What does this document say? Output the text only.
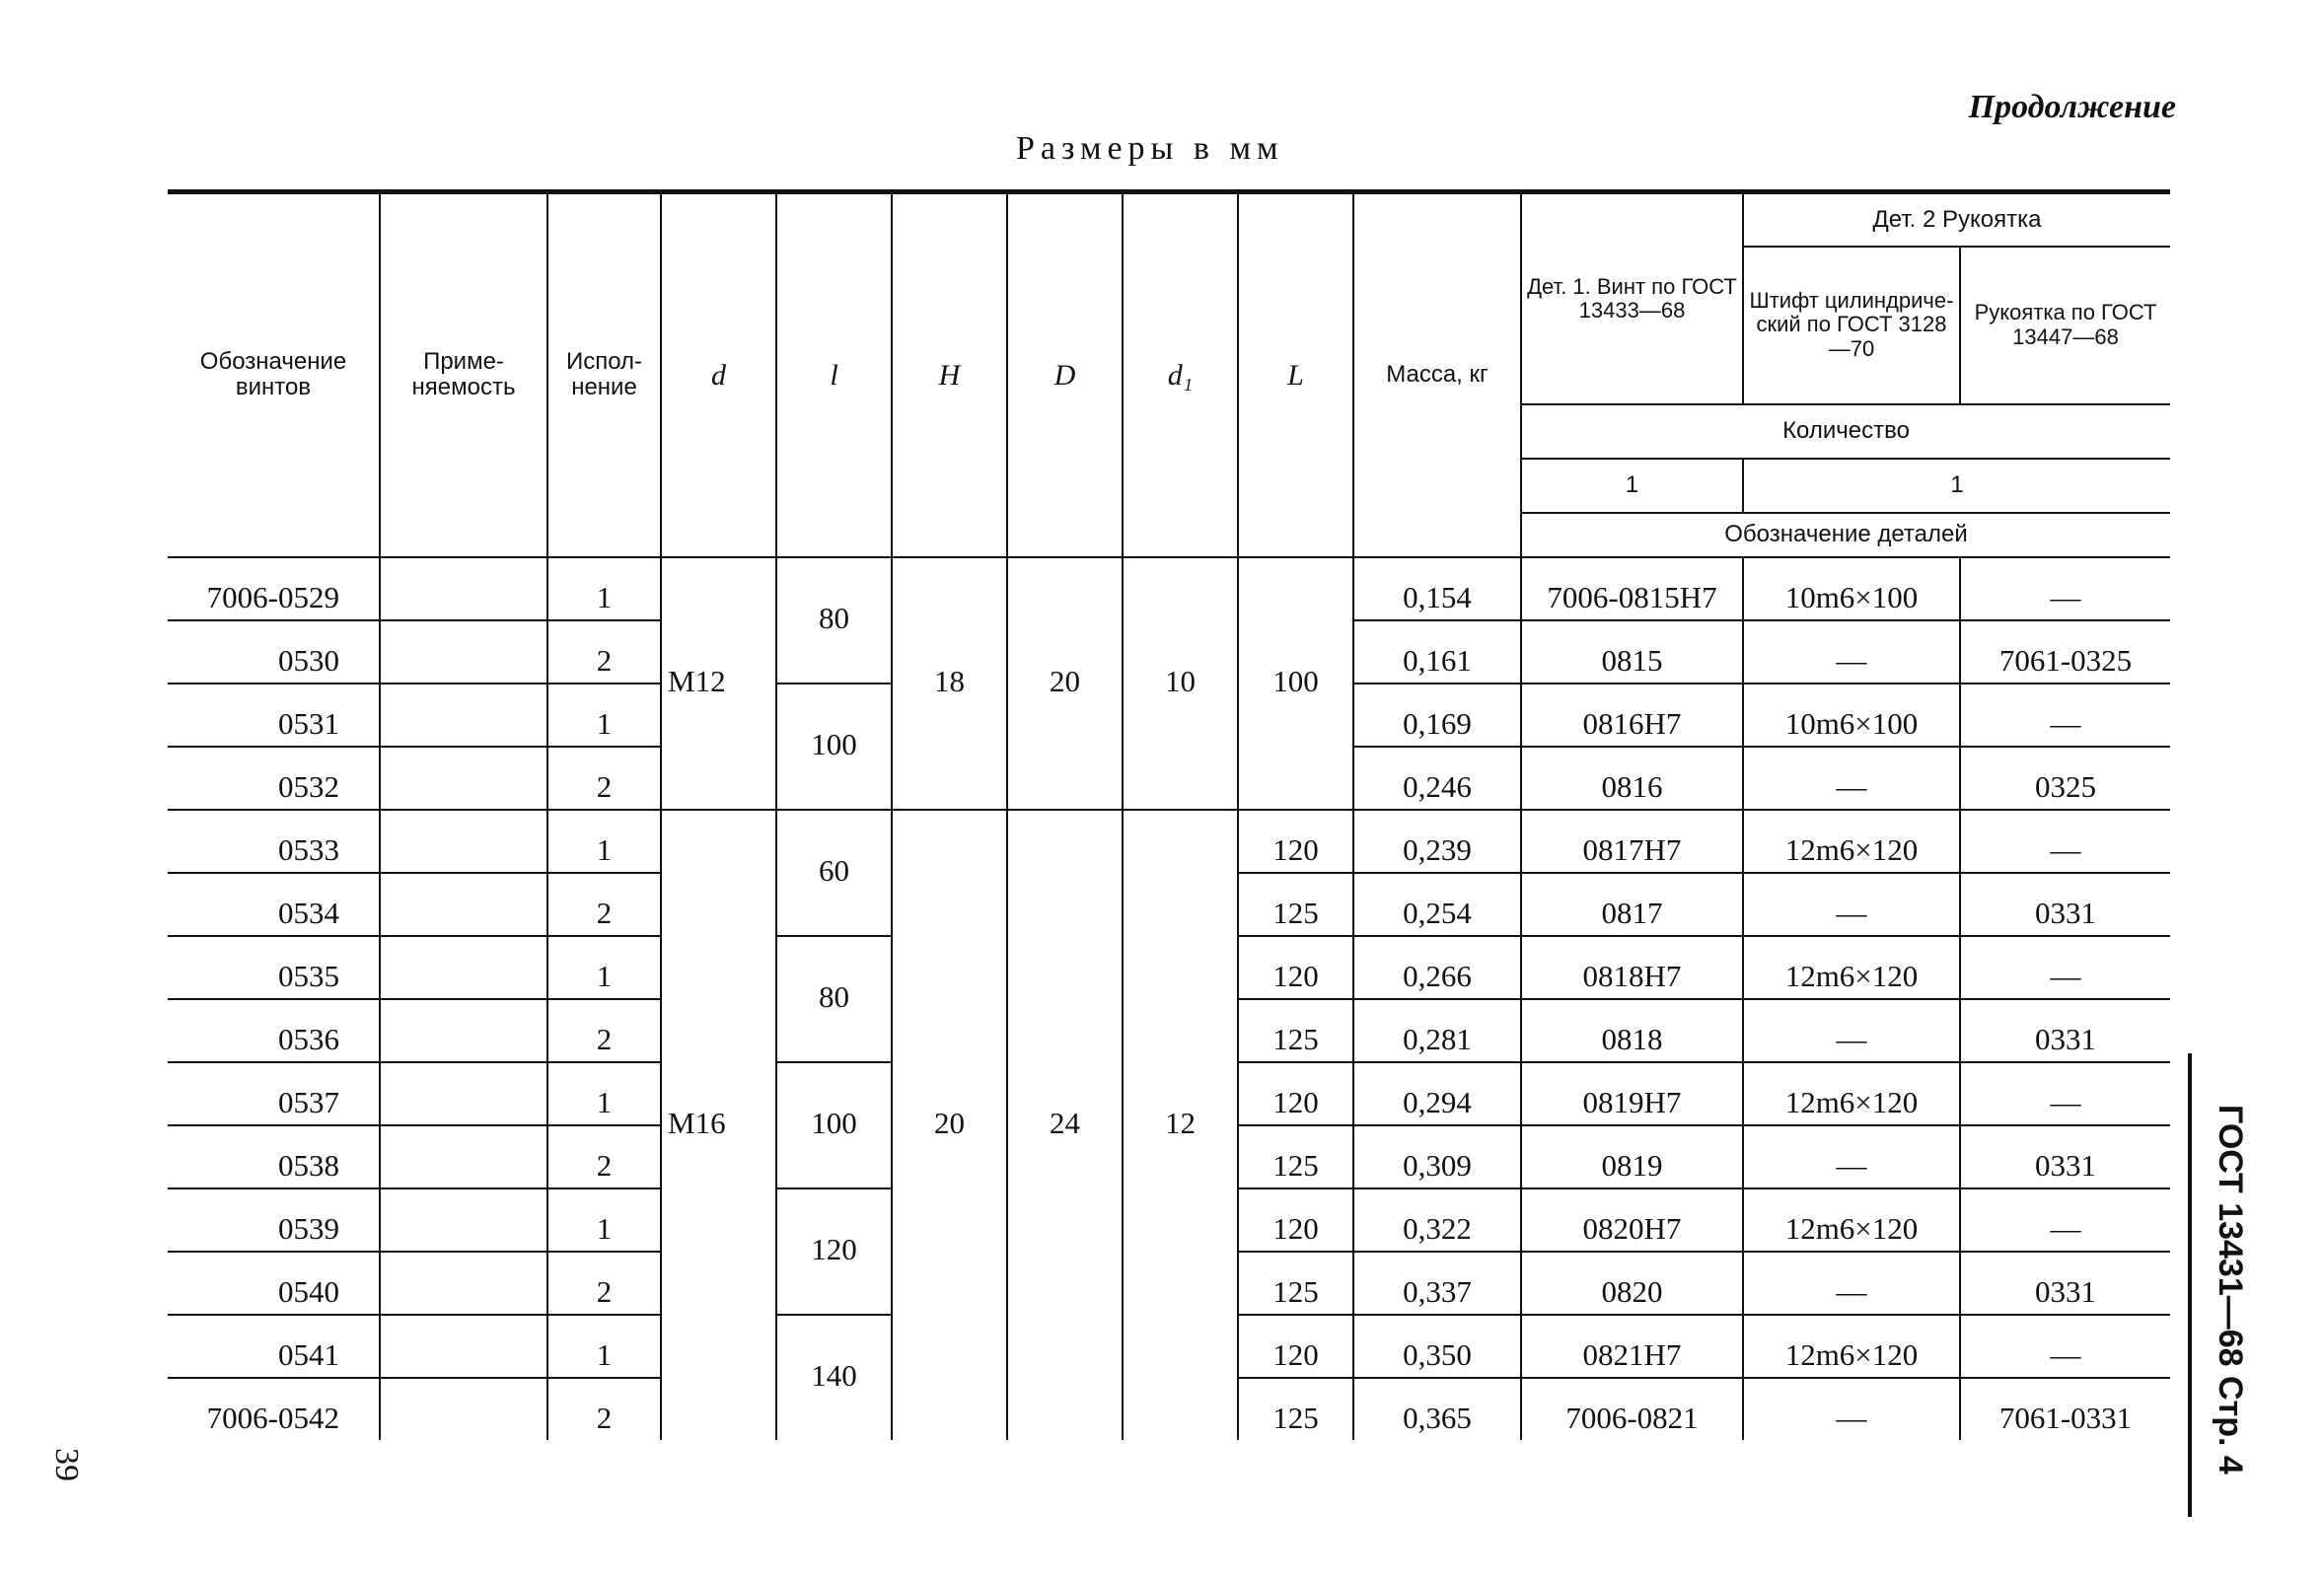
Продолжение
Размеры в мм
39	ГОСТ 13431—68 Стр. 4
Обозначение винтов	Приме-няемость	Испол-нение	d	l	H	D	d₁	L	Масса, кг	Дет. 1. Винт по ГОСТ 13433—68	Дет. 2 Рукоятка	
											Штифт цилиндриче-ский по ГОСТ 3128—70	Рукоятка по ГОСТ 13447—68
										Количество		
										1	1	
										Обозначение деталей		
7006-0529		1	М12	80	18	20	10	100	0,154	7006-0815Н7	10m6×100	—
0530		2							0,161	0815	—	7061-0325
0531		1		100					0,169	0816Н7	10m6×100	—
0532		2							0,246	0816	—	0325
0533		1	М16	60	20	24	12	120	0,239	0817Н7	12m6×120	—
0534		2						125	0,254	0817	—	0331
0535		1		80				120	0,266	0818Н7	12m6×120	—
0536		2						125	0,281	0818	—	0331
0537		1		100				120	0,294	0819Н7	12m6×120	—
0538		2						125	0,309	0819	—	0331
0539		1		120				120	0,322	0820Н7	12m6×120	—
0540		2						125	0,337	0820	—	0331
0541		1		140				120	0,350	0821Н7	12m6×120	—
7006-0542		2						125	0,365	7006-0821	—	7061-0331
